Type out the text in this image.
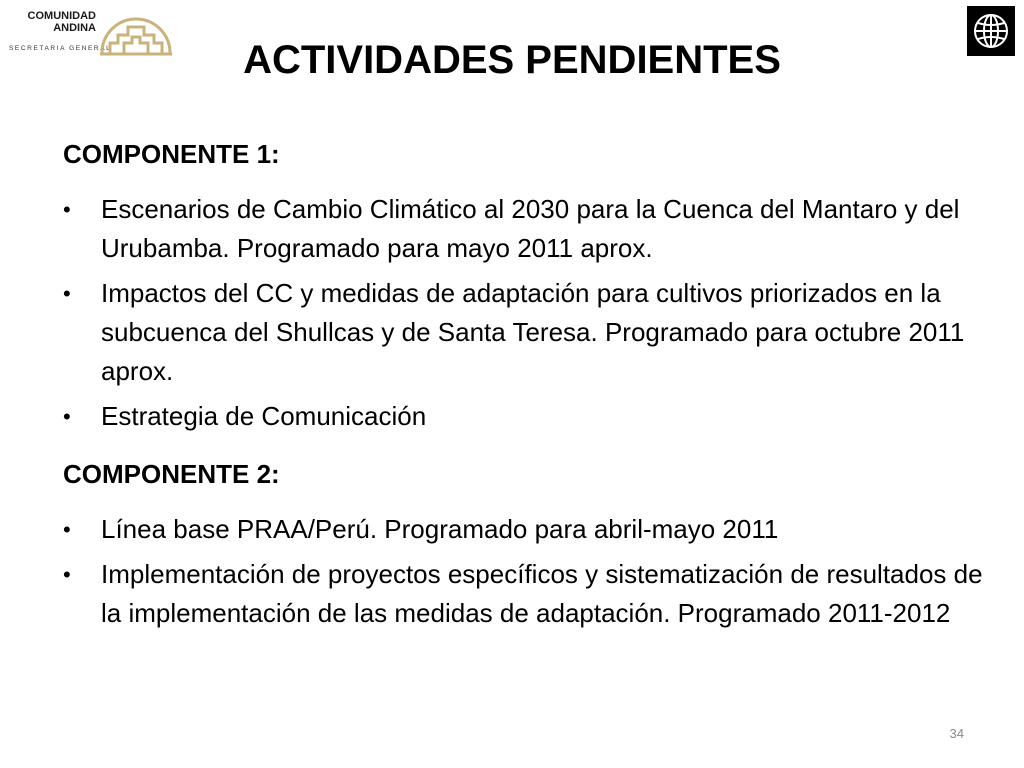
COMUNIDAD
ANDINA
SECRETARIA GENERAL	ACTIVIDADES PENDIENTES
COMPONENTE 1:
•	Escenarios de Cambio Climático al 2030 para la Cuenca del Mantaro y del Urubamba. Programado para mayo 2011 aprox.
•	Impactos del CC y medidas de adaptación para cultivos priorizados en la subcuenca del Shullcas y de Santa Teresa. Programado para octubre 2011 aprox.
•	Estrategia de Comunicación
COMPONENTE 2:
•	Línea base PRAA/Perú. Programado para abril-mayo 2011
•	Implementación de proyectos específicos y sistematización de resultados de la implementación de las medidas de adaptación. Programado 2011-2012
34
